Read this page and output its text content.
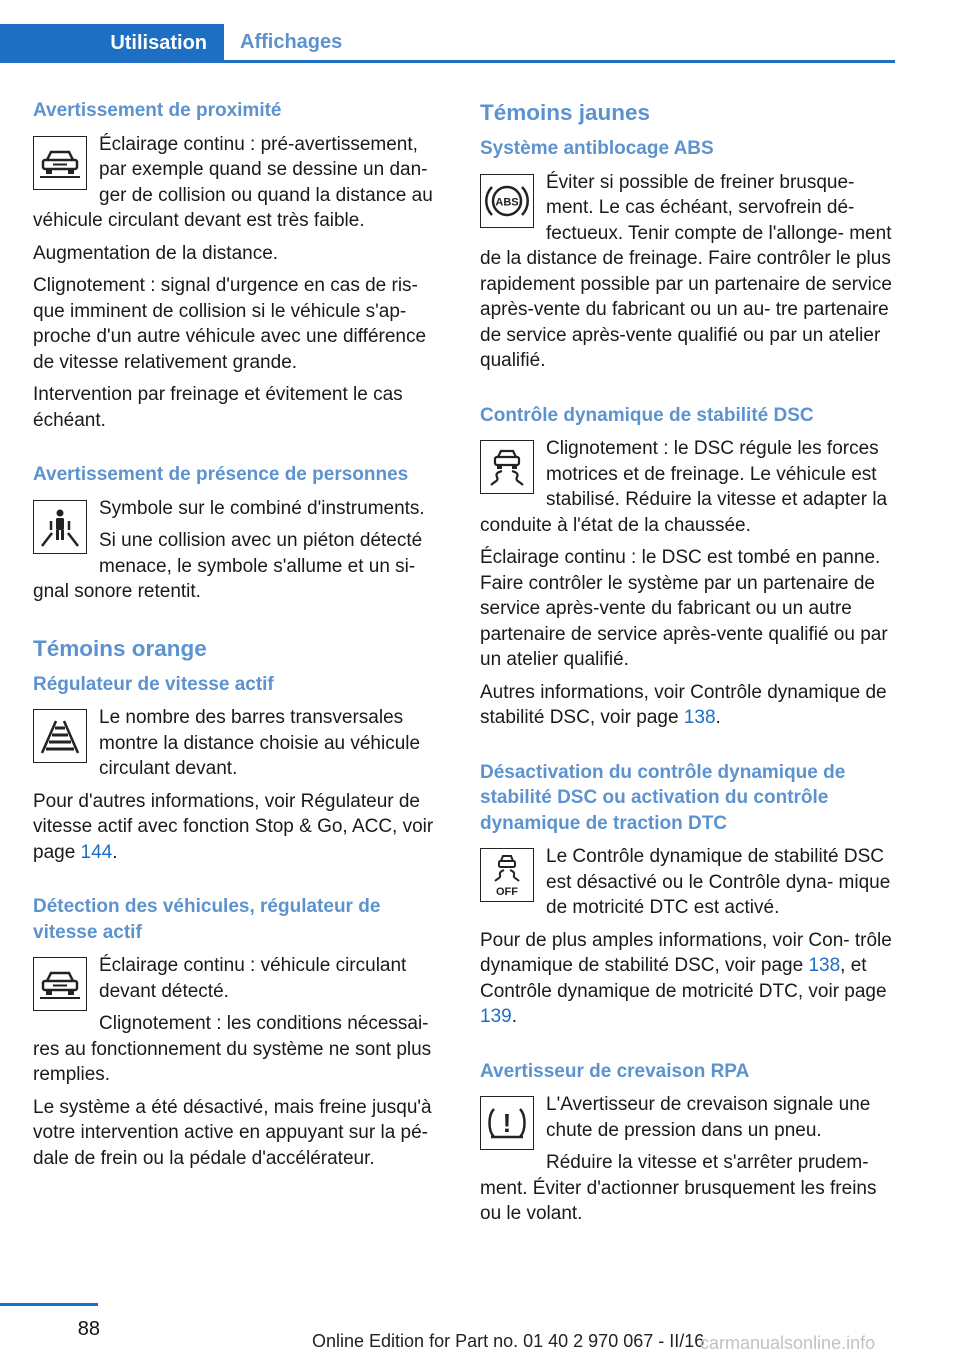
Utilisation	Affichages
Avertissement de proximité

Éclairage continu : pré-avertissement, par exemple quand se dessine un dan- ger de collision ou quand la distance au véhicule circulant devant est très faible.

Augmentation de la distance.

Clignotement : signal d'urgence en cas de ris- que imminent de collision si le véhicule s'ap- proche d'un autre véhicule avec une différence de vitesse relativement grande.

Intervention par freinage et évitement le cas échéant.

Avertissement de présence de personnes

Symbole sur le combiné d'instruments.

Si une collision avec un piéton détecté menace, le symbole s'allume et un si- gnal sonore retentit.

Témoins orange
Régulateur de vitesse actif

Le nombre des barres transversales montre la distance choisie au véhicule circulant devant.

Pour d'autres informations, voir Régulateur de vitesse actif avec fonction Stop & Go, ACC, voir page 144.

Détection des véhicules, régulateur de vitesse actif

Éclairage continu : véhicule circulant devant détecté.

Clignotement : les conditions nécessai- res au fonctionnement du système ne sont plus remplies.

Le système a été désactivé, mais freine jusqu'à votre intervention active en appuyant sur la pé- dale de frein ou la pédale d'accélérateur.

Témoins jaunes
Système antiblocage ABS
ABS

Éviter si possible de freiner brusque- ment. Le cas échéant, servofrein dé- fectueux. Tenir compte de l'allonge- ment de la distance de freinage. Faire contrôler le plus rapidement possible par un partenaire de service après-vente du fabricant ou un au- tre partenaire de service après-vente qualifié ou par un atelier qualifié.

Contrôle dynamique de stabilité DSC

Clignotement : le DSC régule les forces motrices et de freinage. Le véhicule est stabilisé. Réduire la vitesse et adapter la conduite à l'état de la chaussée.

Éclairage continu : le DSC est tombé en panne. Faire contrôler le système par un partenaire de service après-vente du fabricant ou un autre partenaire de service après-vente qualifié ou par un atelier qualifié.

Autres informations, voir Contrôle dynamique de stabilité DSC, voir page 138.

Désactivation du contrôle dynamique de stabilité DSC ou activation du contrôle dynamique de traction DTC
OFF

Le Contrôle dynamique de stabilité DSC est désactivé ou le Contrôle dyna- mique de motricité DTC est activé.

Pour de plus amples informations, voir Con- trôle dynamique de stabilité DSC, voir page 138, et Contrôle dynamique de motricité DTC, voir page 139.

Avertisseur de crevaison RPA
!

L'Avertisseur de crevaison signale une chute de pression dans un pneu.

Réduire la vitesse et s'arrêter prudem- ment. Éviter d'actionner brusquement les freins ou le volant.

88
Online Edition for Part no. 01 40 2 970 067 - II/16
carmanualsonline.info
